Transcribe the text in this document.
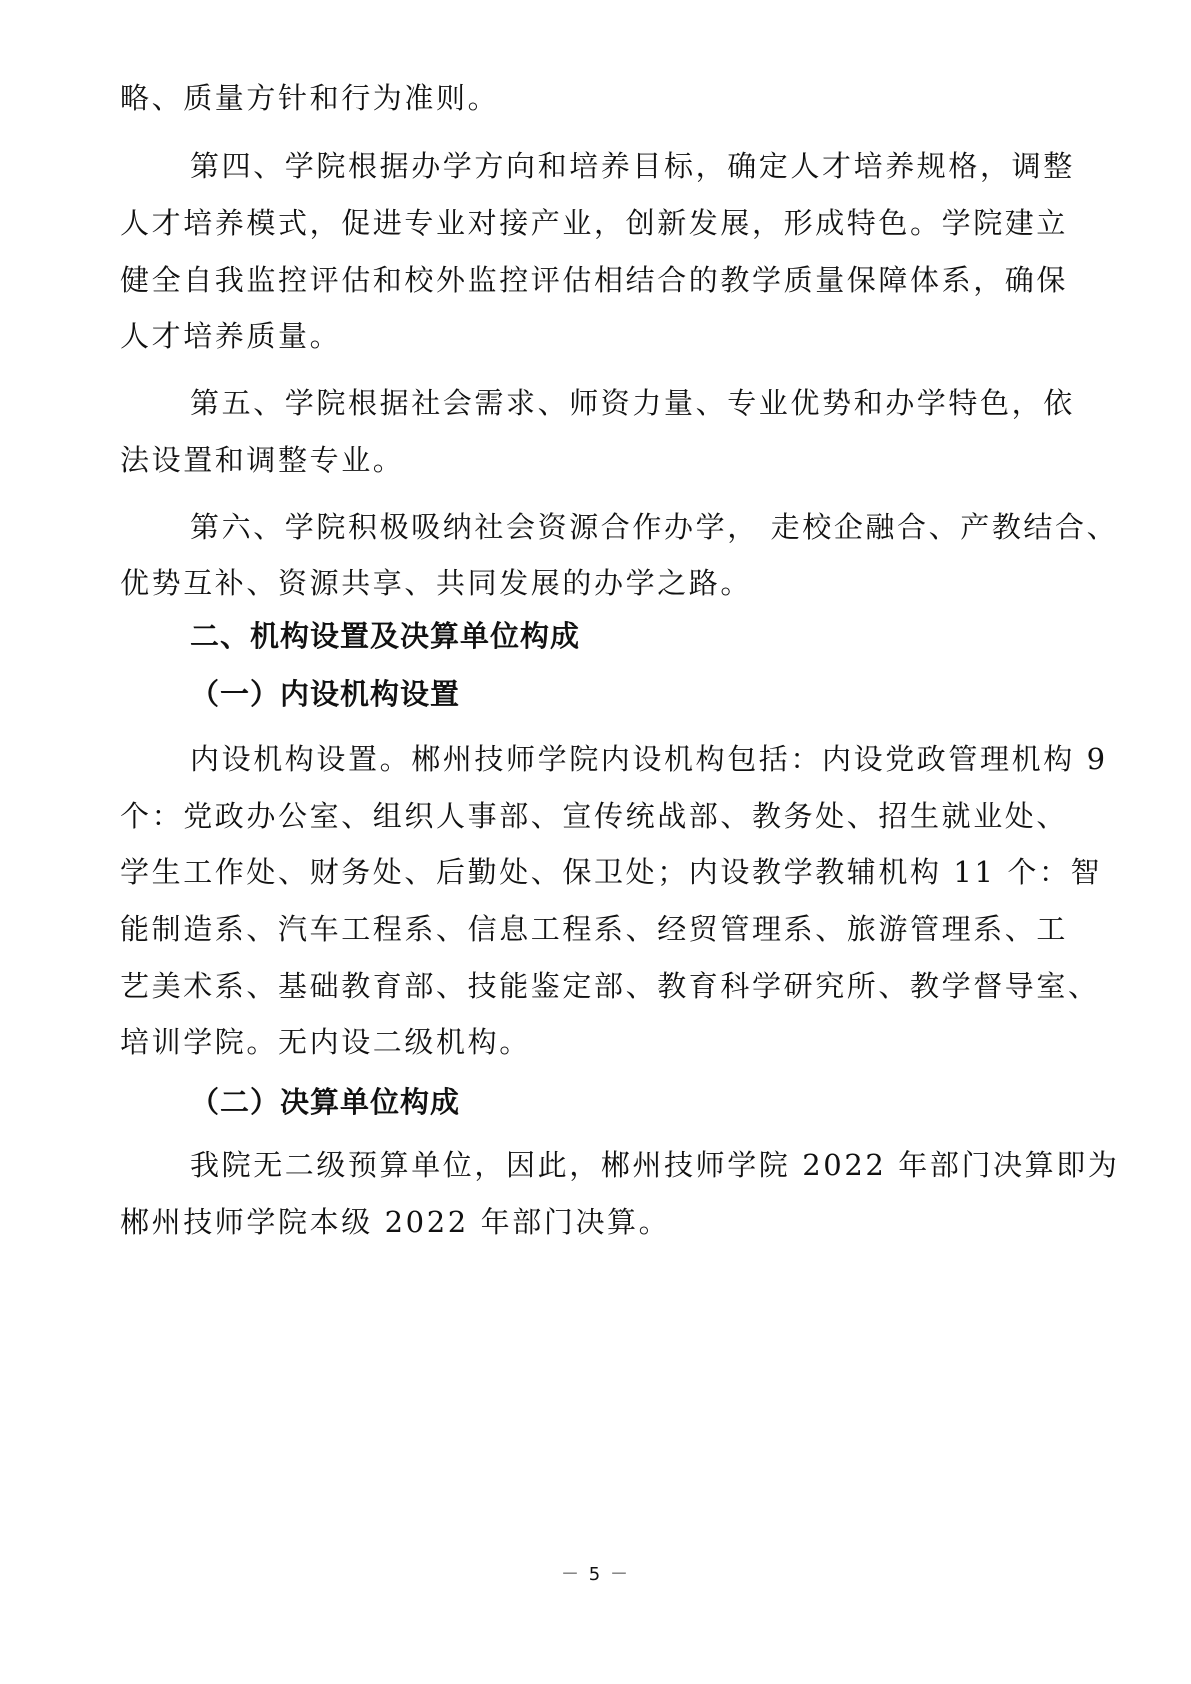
略、质量方针和行为准则。
第四、学院根据办学方向和培养目标，确定人才培养规格，调整
人才培养模式，促进专业对接产业，创新发展，形成特色。学院建立
健全自我监控评估和校外监控评估相结合的教学质量保障体系，确保
人才培养质量。
第五、学院根据社会需求、师资力量、专业优势和办学特色，依
法设置和调整专业。
第六、学院积极吸纳社会资源合作办学， 走校企融合、产教结合、
优势互补、资源共享、共同发展的办学之路。
二、机构设置及决算单位构成
（一）内设机构设置
内设机构设置。郴州技师学院内设机构包括：内设党政管理机构 9
个：党政办公室、组织人事部、宣传统战部、教务处、招生就业处、
学生工作处、财务处、后勤处、保卫处；内设教学教辅机构 11 个：智
能制造系、汽车工程系、信息工程系、经贸管理系、旅游管理系、工
艺美术系、基础教育部、技能鉴定部、教育科学研究所、教学督导室、
培训学院。无内设二级机构。
（二）决算单位构成
我院无二级预算单位，因此，郴州技师学院 2022 年部门决算即为
郴州技师学院本级 2022 年部门决算。
－ 5 －
